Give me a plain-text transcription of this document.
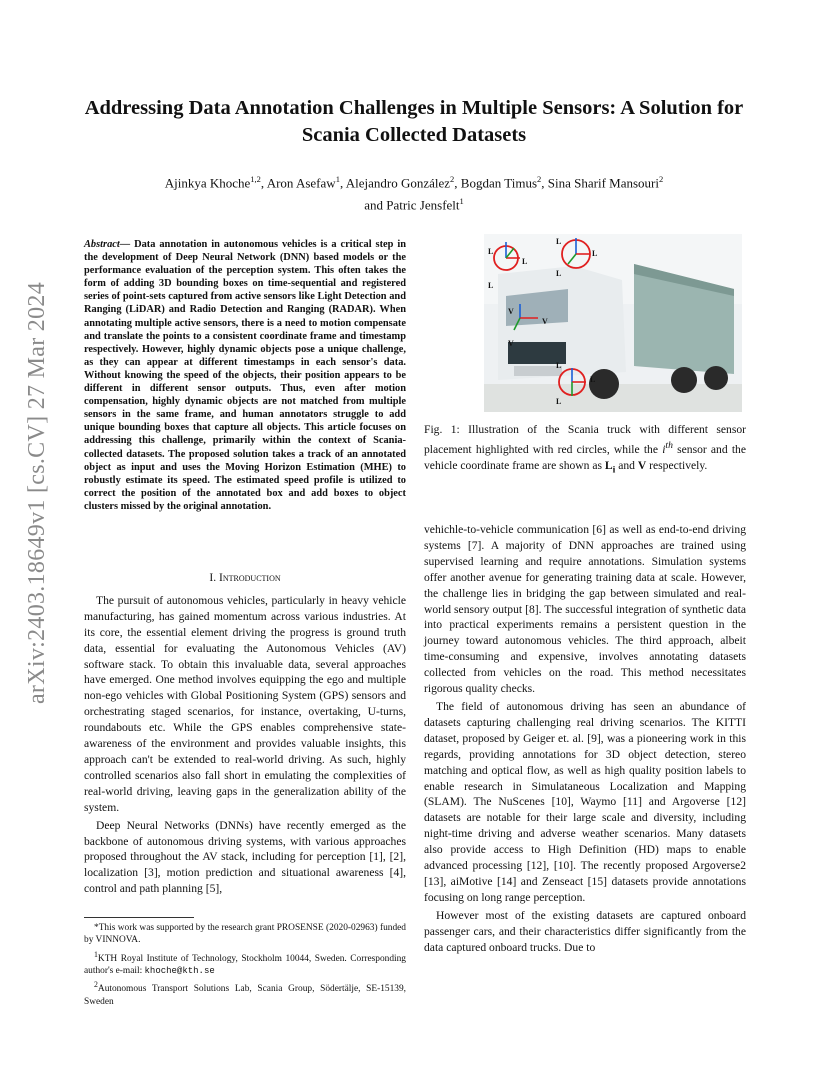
arXiv:2403.18649v1 [cs.CV] 27 Mar 2024
Addressing Data Annotation Challenges in Multiple Sensors: A Solution for Scania Collected Datasets
Ajinkya Khoche$^{1,2}$, Aron Asefaw$^1$, Alejandro González$^2$, Bogdan Timus$^2$, Sina Sharif Mansouri$^2$
and Patric Jensfelt$^1$
Abstract— Data annotation in autonomous vehicles is a critical step in the development of Deep Neural Network (DNN) based models or the performance evaluation of the perception system. This often takes the form of adding 3D bounding boxes on time-sequential and registered series of point-sets captured from active sensors like Light Detection and Ranging (LiDAR) and Radio Detection and Ranging (RADAR). When annotating multiple active sensors, there is a need to motion compensate and translate the points to a consistent coordinate frame and timestamp respectively. However, highly dynamic objects pose a unique challenge, as they can appear at different timestamps in each sensor's data. Without knowing the speed of the objects, their position appears to be different in different sensor outputs. Thus, even after motion compensation, highly dynamic objects are not matched from multiple sensors in the same frame, and human annotators struggle to add unique bounding boxes that capture all objects. This article focuses on addressing this challenge, primarily within the context of Scania-collected datasets. The proposed solution takes a track of an annotated object as input and uses the Moving Horizon Estimation (MHE) to robustly estimate its speed. The estimated speed profile is utilized to correct the position of the annotated box and add boxes to object clusters missed by the original annotation.
I. Introduction

The pursuit of autonomous vehicles, particularly in heavy vehicle manufacturing, has gained momentum across various industries. At its core, the essential element driving the progress is ground truth data, essential for evaluating the Autonomous Vehicles (AV) software stack. To obtain this invaluable data, several approaches have emerged. One method involves equipping the ego and multiple non-ego vehicles with Global Positioning System (GPS) sensors and orchestrating staged scenarios, for instance, overtaking, U-turns, roundabouts etc. While the GPS enables comprehensive state-awareness of the environment and provides valuable insights, this approach can't be extended to real-world driving. As such, highly controlled scenarios also fall short in emulating the complexities of real-world driving, leaving gaps in the generalization ability of the system.

Deep Neural Networks (DNNs) have recently emerged as the backbone of autonomous driving systems, with various approaches proposed throughout the AV stack, including for perception [1], [2], localization [3], motion prediction and situational awareness [4], control and path planning [5],

*This work was supported by the research grant PROSENSE (2020-02963) funded by VINNOVA.

$^1$KTH Royal Institute of Technology, Stockholm 10044, Sweden. Corresponding author's e-mail: khoche@kth.se

$^2$Autonomous Transport Solutions Lab, Scania Group, Södertälje, SE-15139, Sweden

L
L
L
L
L
L
L
L
L
V
V
V
Fig. 1: Illustration of the Scania truck with different sensor placement highlighted with red circles, while the $i^{th}$ sensor and the vehicle coordinate frame are shown as $L_i$ and V respectively.

vehichle-to-vehicle communication [6] as well as end-to-end driving systems [7]. A majority of DNN approaches are trained using supervised learning and require annotations. Simulation systems offer another avenue for generating training data at scale. However, the challenge lies in bridging the gap between simulated and real-world sensory output [8]. The successful integration of synthetic data into practical experiments remains a persistent question in the journey toward autonomous vehicles. The third approach, albeit time-consuming and expensive, involves annotating datasets collected from vehicles on the road. This method necessitates rigorous quality checks.

The field of autonomous driving has seen an abundance of datasets capturing challenging real driving scenarios. The KITTI dataset, proposed by Geiger et. al. [9], was a pioneering work in this regards, providing annotations for 3D object detection, stereo matching and optical flow, as well as high quality position labels to enable research in Simulataneous Localization and Mapping (SLAM). The NuScenes [10], Waymo [11] and Argoverse [12] datasets are notable for their large scale and diversity, including night-time driving and adverse weather scenarios. Many datasets also provide access to High Definition (HD) maps to enable advanced processing [12], [10]. The recently proposed Argoverse2 [13], aiMotive [14] and Zenseact [15] datasets provide annotations focusing on long range perception.

However most of the existing datasets are captured onboard passenger cars, and their characteristics differ significantly from the data captured onboard trucks. Due to
